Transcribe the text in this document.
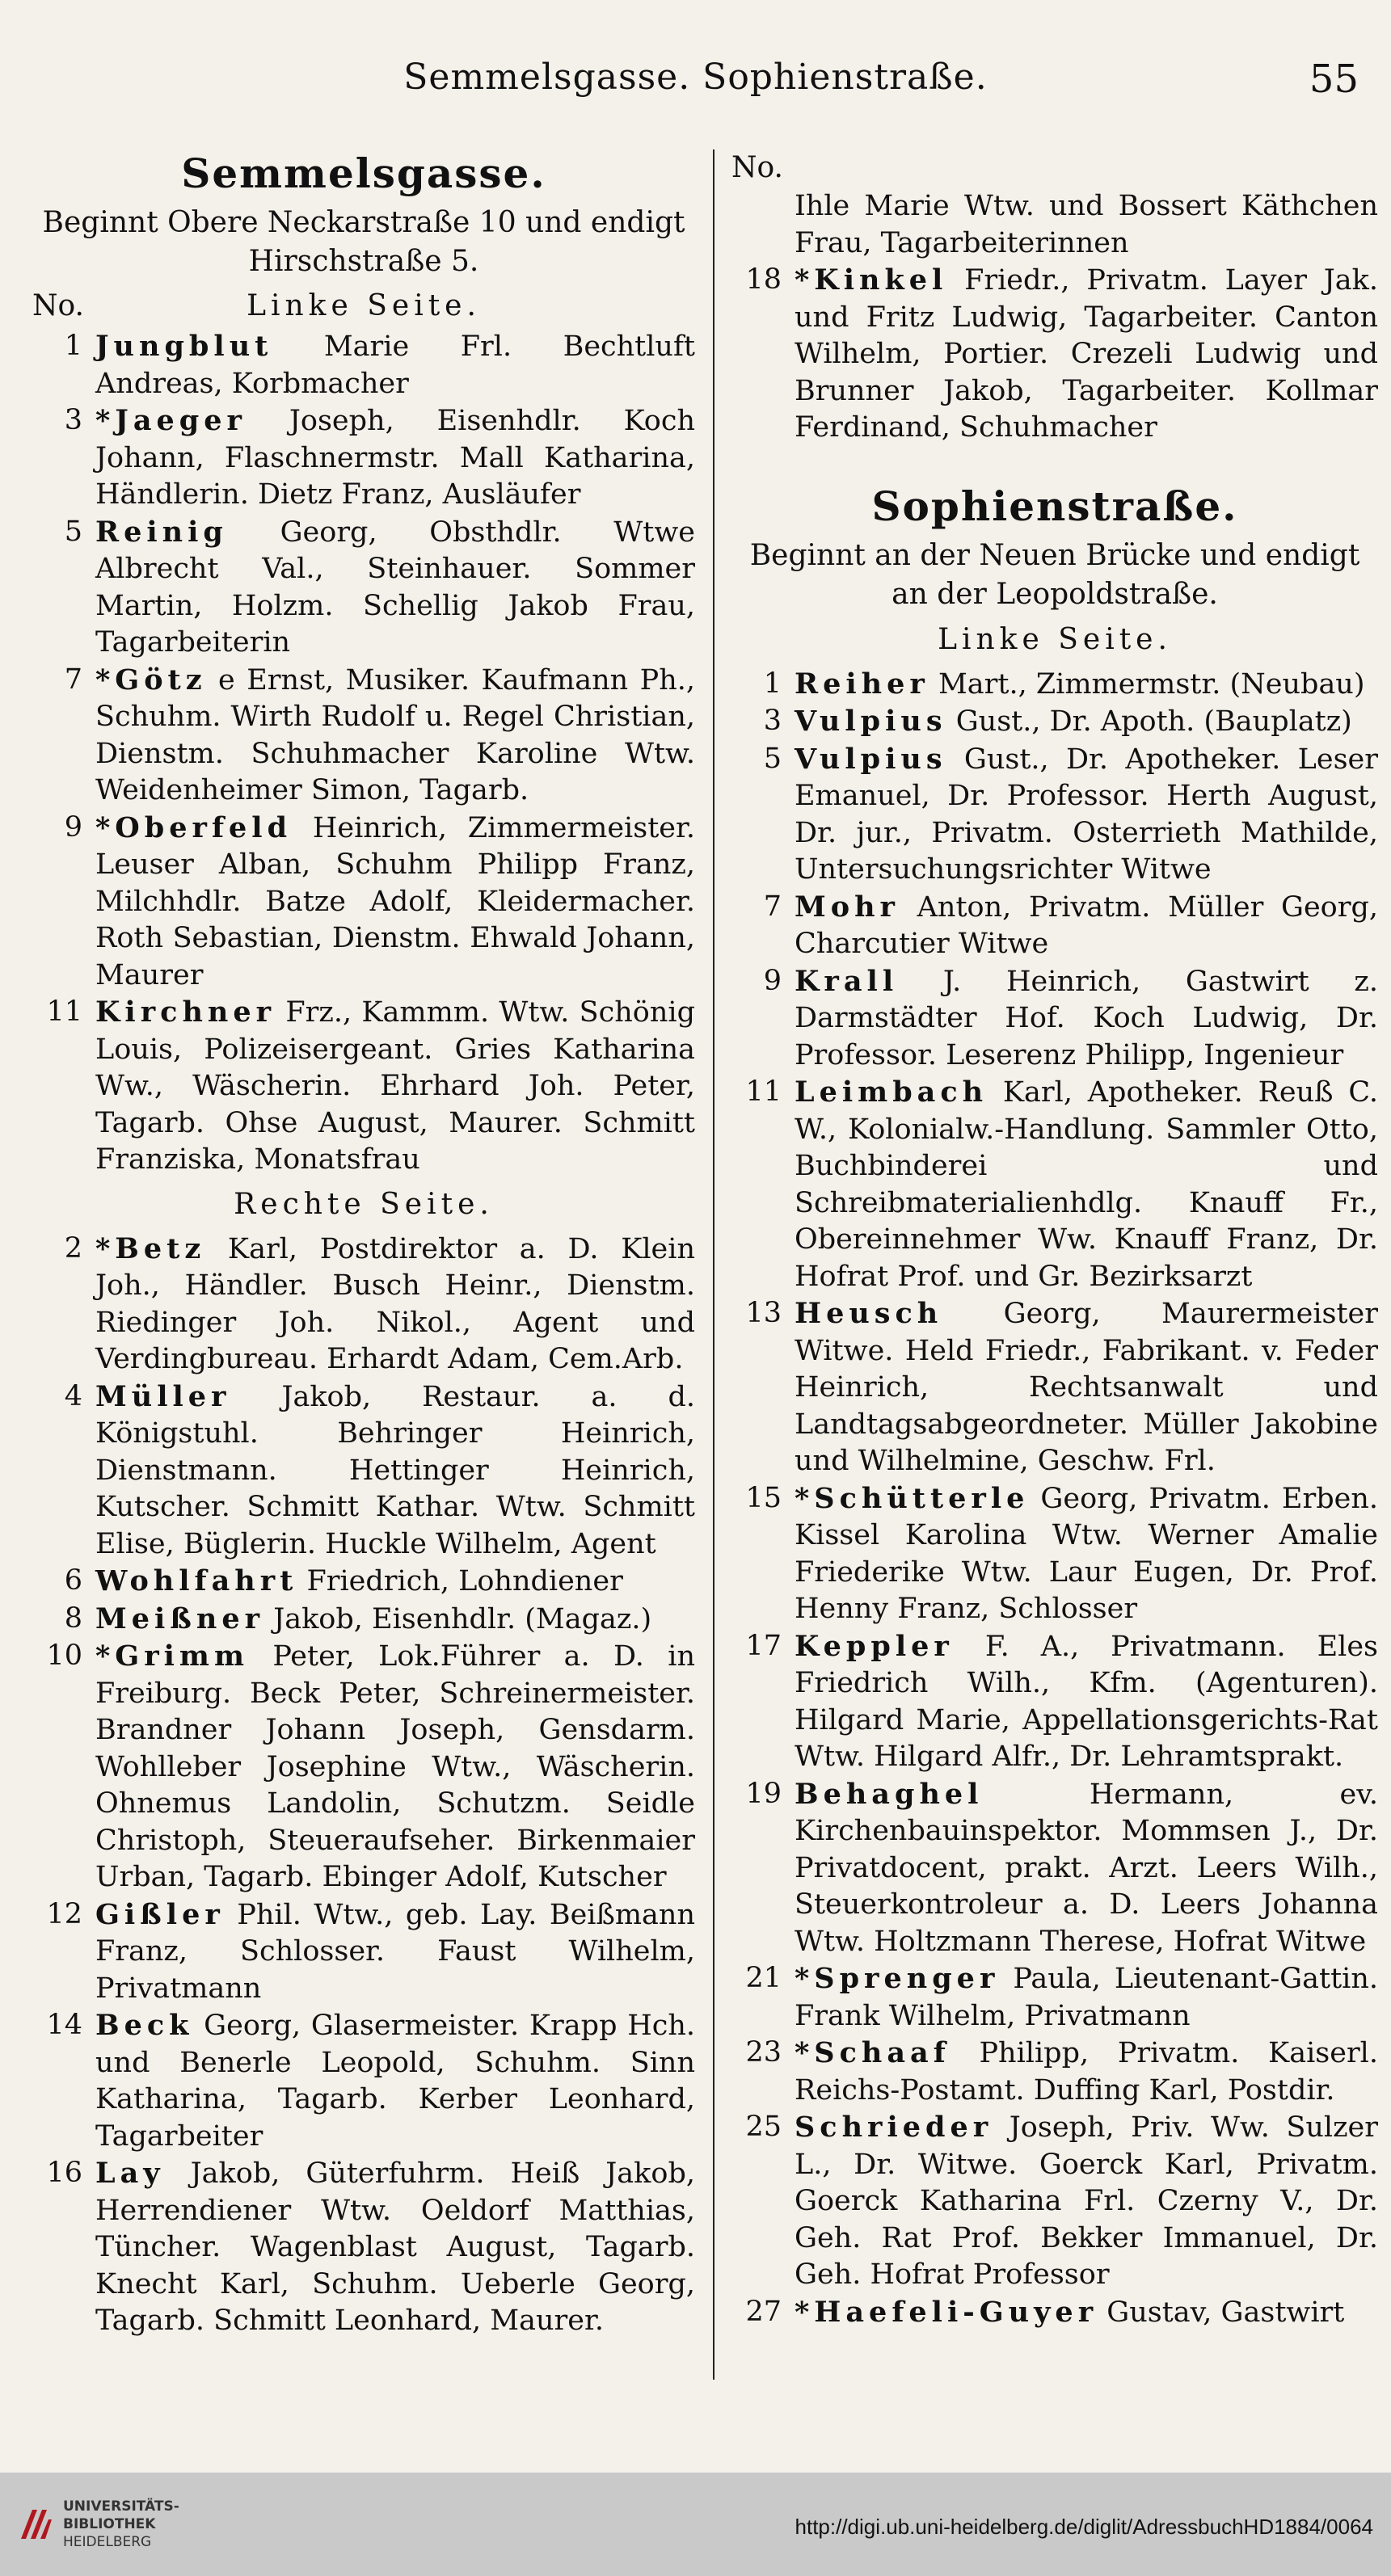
Semmelsgasse. Sophienstraße.	55
Semmelsgasse.
Beginnt Obere Neckarstraße 10 und endigt Hirschstraße 5.
No.	Linke Seite.
1 Jungblut Marie Frl. Bechtluft Andreas, Korbmacher
3 *Jaeger Joseph, Eisenhdlr. Koch Johann, Flaschnermstr. Mall Katharina, Händlerin. Dietz Franz, Ausläufer
5 Reinig Georg, Obsthdlr. Wtwe Albrecht Val., Steinhauer. Sommer Martin, Holzm. Schellig Jakob Frau, Tagarbeiterin
7 *Götz e Ernst, Musiker. Kaufmann Ph., Schuhm. Wirth Rudolf u. Regel Christian, Dienstm. Schuhmacher Karoline Wtw. Weidenheimer Simon, Tagarb.
9 *Oberfeld Heinrich, Zimmermeister. Leuser Alban, Schuhm Philipp Franz, Milchhdlr. Batze Adolf, Kleidermacher. Roth Sebastian, Dienstm. Ehwald Johann, Maurer
11 Kirchner Frz., Kammm. Wtw. Schönig Louis, Polizeisergeant. Gries Katharina Ww., Wäscherin. Ehrhard Joh. Peter, Tagarb. Ohse August, Maurer. Schmitt Franziska, Monatsfrau
Rechte Seite.
2 *Betz Karl, Postdirektor a. D. Klein Joh., Händler. Busch Heinr., Dienstm. Riedinger Joh. Nikol., Agent und Verdingbureau. Erhardt Adam, Cem.Arb.
4 Müller Jakob, Restaur. a. d. Königstuhl. Behringer Heinrich, Dienstmann. Hettinger Heinrich, Kutscher. Schmitt Kathar. Wtw. Schmitt Elise, Büglerin. Huckle Wilhelm, Agent
6 Wohlfahrt Friedrich, Lohndiener
8 Meißner Jakob, Eisenhdlr. (Magaz.)
10 *Grimm Peter, Lok.Führer a. D. in Freiburg. Beck Peter, Schreinermeister. Brandner Johann Joseph, Gensdarm. Wohlleber Josephine Wtw., Wäscherin. Ohnemus Landolin, Schutzm. Seidle Christoph, Steueraufseher. Birkenmaier Urban, Tagarb. Ebinger Adolf, Kutscher
12 Gißler Phil. Wtw., geb. Lay. Beißmann Franz, Schlosser. Faust Wilhelm, Privatmann
14 Beck Georg, Glasermeister. Krapp Hch. und Benerle Leopold, Schuhm. Sinn Katharina, Tagarb. Kerber Leonhard, Tagarbeiter
16 Lay Jakob, Güterfuhrm. Heiß Jakob, Herrendiener Wtw. Oeldorf Matthias, Tüncher. Wagenblast August, Tagarb. Knecht Karl, Schuhm. Ueberle Georg, Tagarb. Schmitt Leonhard, Maurer.
No.
Ihle Marie Wtw. und Bossert Käthchen Frau, Tagarbeiterinnen
18 *Kinkel Friedr., Privatm. Layer Jak. und Fritz Ludwig, Tagarbeiter. Canton Wilhelm, Portier. Crezeli Ludwig und Brunner Jakob, Tagarbeiter. Kollmar Ferdinand, Schuhmacher
Sophienstraße.
Beginnt an der Neuen Brücke und endigt an der Leopoldstraße.
Linke Seite.
1 Reiher Mart., Zimmermstr. (Neubau)
3 Vulpius Gust., Dr. Apoth. (Bauplatz)
5 Vulpius Gust., Dr. Apotheker. Leser Emanuel, Dr. Professor. Herth August, Dr. jur., Privatm. Osterrieth Mathilde, Untersuchungsrichter Witwe
7 Mohr Anton, Privatm. Müller Georg, Charcutier Witwe
9 Krall J. Heinrich, Gastwirt z. Darmstädter Hof. Koch Ludwig, Dr. Professor. Leserenz Philipp, Ingenieur
11 Leimbach Karl, Apotheker. Reuß C. W., Kolonialw.-Handlung. Sammler Otto, Buchbinderei und Schreibmaterialienhdlg. Knauff Fr., Obereinnehmer Ww. Knauff Franz, Dr. Hofrat Prof. und Gr. Bezirksarzt
13 Heusch Georg, Maurermeister Witwe. Held Friedr., Fabrikant. v. Feder Heinrich, Rechtsanwalt und Landtagsabgeordneter. Müller Jakobine und Wilhelmine, Geschw. Frl.
15 *Schütterle Georg, Privatm. Erben. Kissel Karolina Wtw. Werner Amalie Friederike Wtw. Laur Eugen, Dr. Prof. Henny Franz, Schlosser
17 Keppler F. A., Privatmann. Eles Friedrich Wilh., Kfm. (Agenturen). Hilgard Marie, Appellationsgerichts-Rat Wtw. Hilgard Alfr., Dr. Lehramtsprakt.
19 Behaghel Hermann, ev. Kirchenbauinspektor. Mommsen J., Dr. Privatdocent, prakt. Arzt. Leers Wilh., Steuerkontroleur a. D. Leers Johanna Wtw. Holtzmann Therese, Hofrat Witwe
21 *Sprenger Paula, Lieutenant-Gattin. Frank Wilhelm, Privatmann
23 *Schaaf Philipp, Privatm. Kaiserl. Reichs-Postamt. Duffing Karl, Postdir.
25 Schrieder Joseph, Priv. Ww. Sulzer L., Dr. Witwe. Goerck Karl, Privatm. Goerck Katharina Frl. Czerny V., Dr. Geh. Rat Prof. Bekker Immanuel, Dr. Geh. Hofrat Professor
27 *Haefeli-Guyer Gustav, Gastwirt
UNIVERSITÄTS-
BIBLIOTHEK
HEIDELBERG
http://digi.ub.uni-heidelberg.de/diglit/AdressbuchHD1884/0064
